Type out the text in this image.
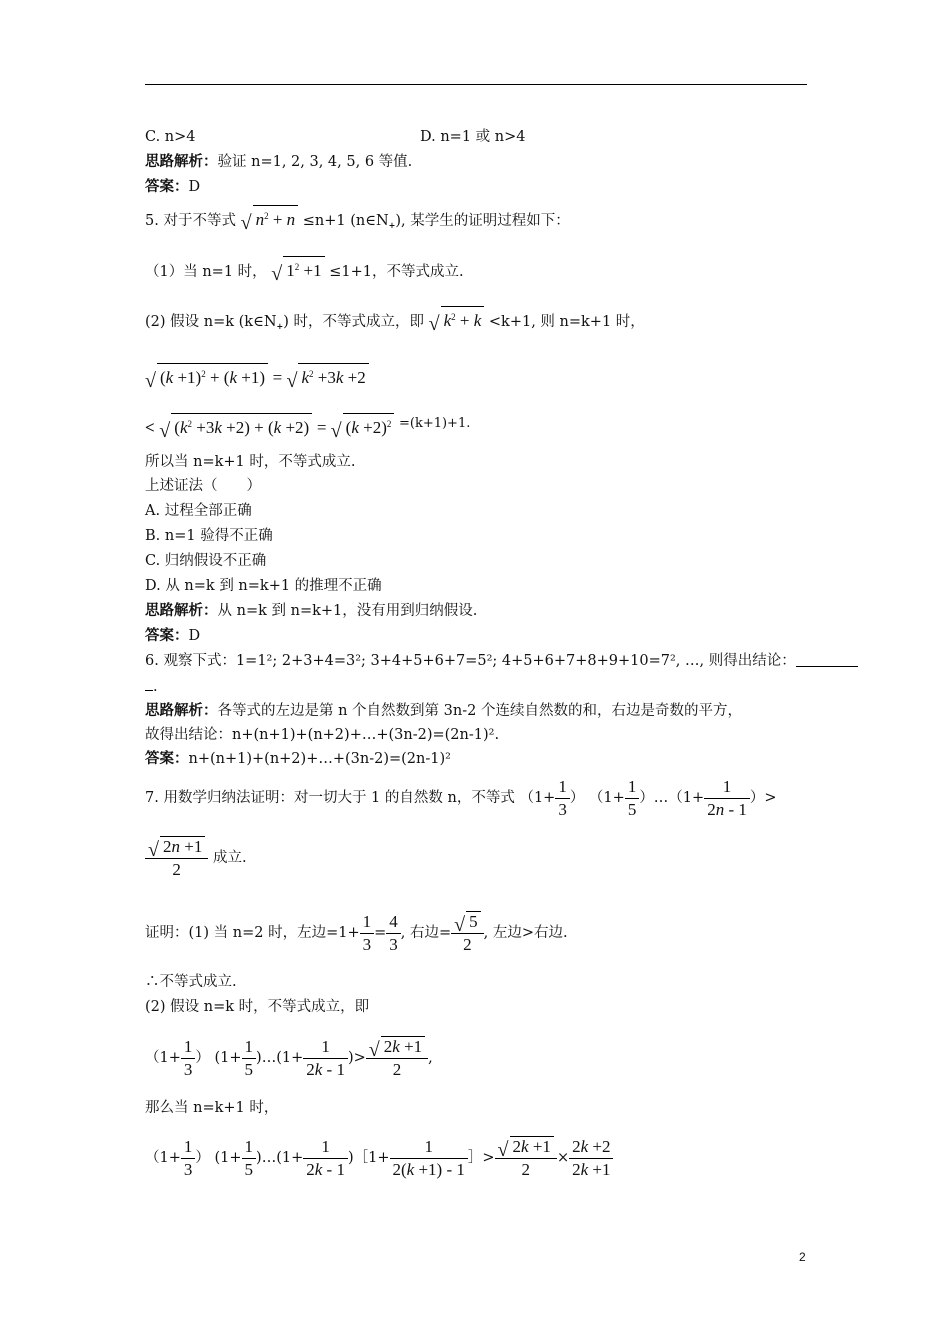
C. n>4	D. n=1 或 n>4
思路解析：验证 n=1, 2, 3, 4, 5, 6 等值.
答案：D
5. 对于不等式 √ $n^2 + n \le n+1$ $(n\in N_+)$, 某学生的证明过程如下：
（1）当 n=1 时， √ $1^2 +1 \le 1+1$，不等式成立.
(2) 假设 n=k $(k\in N_+)$ 时，不等式成立，即 √ $k^2 + k <k+1$, 则 n=k+1 时，
√ $(k +1)^2 + (k +1)$ = √ $k^2 +3k +2$
< √ $(k^2 +3k +2) + (k +2)$ = √ $(k +2)^2 =(k+1)+1$.
所以当 n=k+1 时，不等式成立.
上述证法（　　）
A. 过程全部正确
B. n=1 验得不正确
C. 归纳假设不正确
D. 从 n=k 到 n=k+1 的推理不正确
思路解析：从 n=k 到 n=k+1，没有用到归纳假设.
答案：D
6. 观察下式：1=1²; 2+3+4=3²; 3+4+5+6+7=5²; 4+5+6+7+8+9+10=7², …, 则得出结论：
.
思路解析：各等式的左边是第 n 个自然数到第 3n-2 个连续自然数的和，右边是奇数的平方，
故得出结论：n+(n+1)+(n+2)+…+(3n-2)=(2n-1)².
答案：n+(n+1)+(n+2)+…+(3n-2)=(2n-1)²
7. 用数学归纳法证明：对一切大于 1 的自然数 n，不等式 （$1+ \frac{1}{3}$ ） （$1+ \frac{1}{5}$ ）…（1+ $\frac{1}{2n - 1}$ ）>
$\frac{√ 2n +1}{2}$ 成立.
证明：(1) 当 n=2 时，左边$=1+ \frac{1}{3} = \frac{4}{3}$ , 右边= $\frac{√ 5}{2}$ , 左边>右边.
∴不等式成立.
(2) 假设 n=k 时，不等式成立，即
（$1+ \frac{1}{3}$ ） ($1+ \frac{1}{5}$ )…(1+ $\frac{1}{2k - 1}$ )> $\frac{√ 2k +1}{2}$ ,
那么当 n=k+1 时，
（$1+ \frac{1}{3}$ ） ($1+ \frac{1}{5}$ )…(1+ $\frac{1}{2k - 1}$ )［1+ $\frac{1}{2(k +1) - 1}$ ］> $\frac{√ 2k +1}{2} \times \frac{2k +2}{2k +1}$
2
